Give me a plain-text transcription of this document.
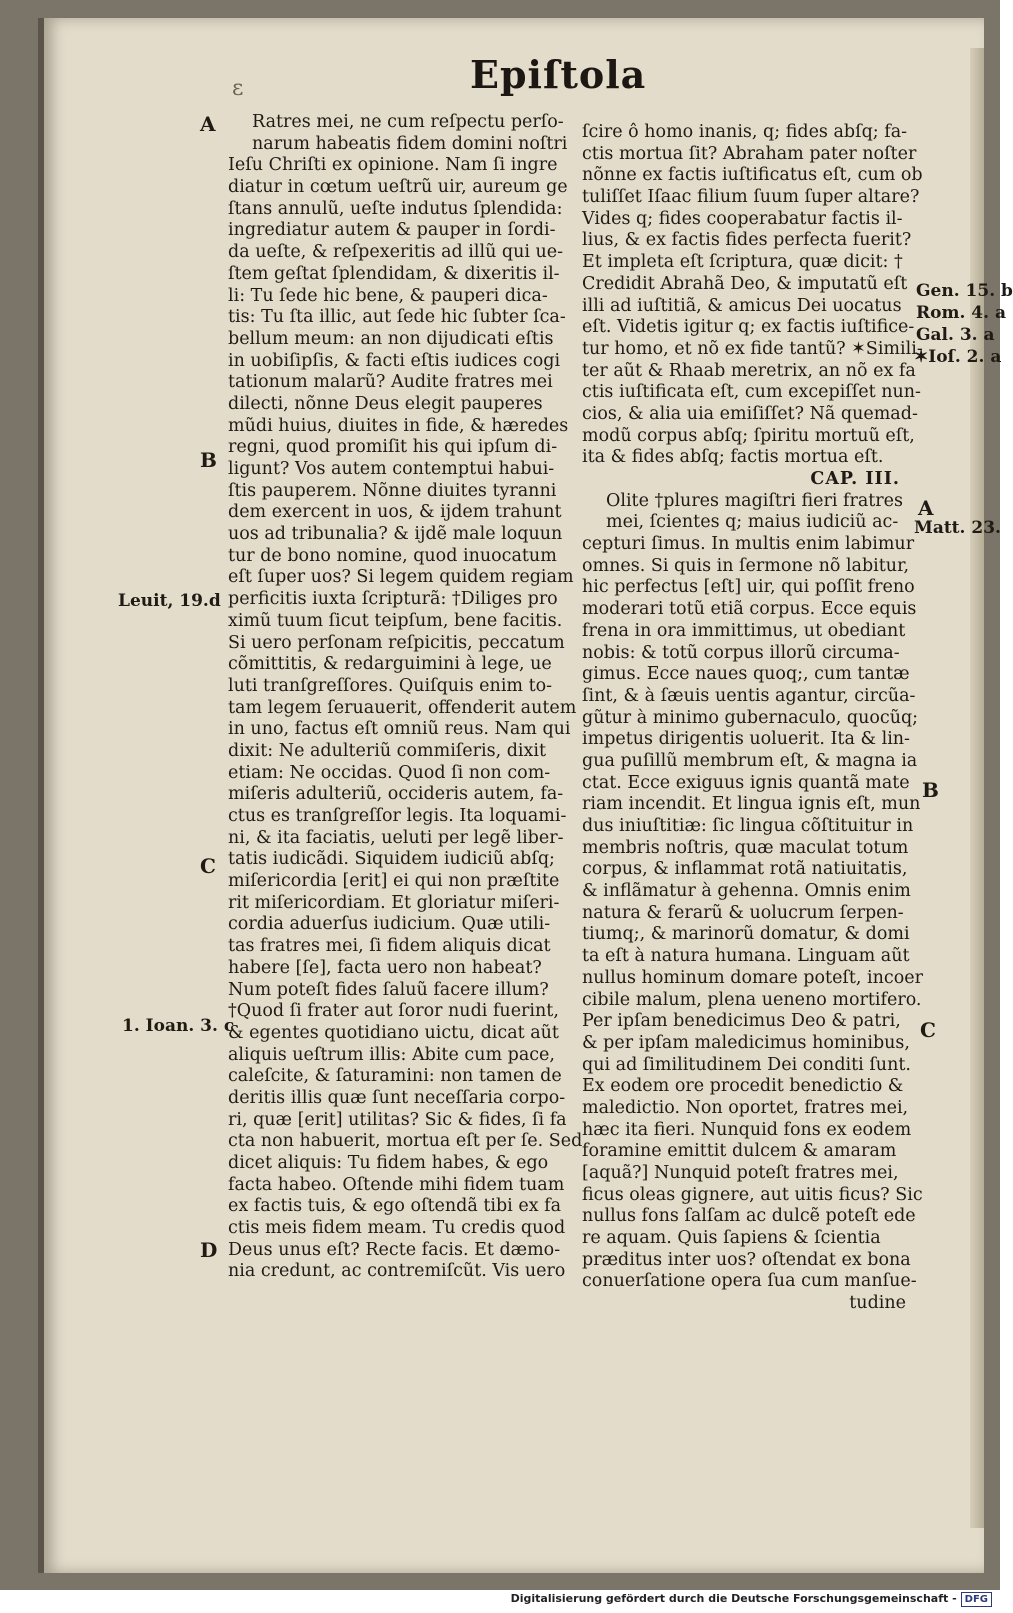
ε	Epiſtola
Ratres mei, ne cum reſpectu perſo-
narum habeatis fidem domini noſtri
Ieſu Chriſti ex opinione. Nam ſi ingre
diatur in cœtum ueſtrũ uir, aureum ge
ſtans annulũ, ueſte indutus ſplendida:
ingrediatur autem & pauper in ſordi-
da ueſte, & reſpexeritis ad illũ qui ue-
ſtem geſtat ſplendidam, & dixeritis il-
li: Tu ſede hic bene, & pauperi dica-
tis: Tu ſta illic, aut ſede hic ſubter ſca-
bellum meum: an non dijudicati eſtis
in uobiſipſis, & facti eſtis iudices cogi
tationum malarũ? Audite fratres mei
dilecti, nõnne Deus elegit pauperes
mũdi huius, diuites in fide, & hæredes
regni, quod promiſit his qui ipſum di-
ligunt? Vos autem contemptui habui-
ſtis pauperem. Nõnne diuites tyranni
dem exercent in uos, & ijdem trahunt
uos ad tribunalia? & ijdẽ male loquun
tur de bono nomine, quod inuocatum
eſt ſuper uos? Si legem quidem regiam
perficitis iuxta ſcripturã: †Diliges pro
ximũ tuum ſicut teipſum, bene facitis.
Si uero perſonam reſpicitis, peccatum
cõmittitis, & redarguimini à lege, ue
luti tranſgreſſores. Quiſquis enim to-
tam legem ſeruauerit, offenderit autem
in uno, factus eſt omniũ reus. Nam qui
dixit: Ne adulteriũ commiſeris, dixit
etiam: Ne occidas. Quod ſi non com-
miſeris adulteriũ, occideris autem, fa-
ctus es tranſgreſſor legis. Ita loquami-
ni, & ita faciatis, ueluti per legẽ liber-
tatis iudicãdi. Siquidem iudiciũ abſq;
miſericordia [erit] ei qui non præſtite
rit miſericordiam. Et gloriatur miſeri-
cordia aduerſus iudicium. Quæ utili-
tas fratres mei, ſi fidem aliquis dicat
habere [ſe], facta uero non habeat?
Num poteſt fides ſaluũ facere illum?
†Quod ſi frater aut ſoror nudi fuerint,
& egentes quotidiano uictu, dicat aũt
aliquis ueſtrum illis: Abite cum pace,
caleſcite, & ſaturamini: non tamen de
deritis illis quæ ſunt neceſſaria corpo-
ri, quæ [erit] utilitas? Sic & fides, ſi fa
cta non habuerit, mortua eſt per ſe. Sed
dicet aliquis: Tu fidem habes, & ego
facta habeo. Oſtende mihi fidem tuam
ex factis tuis, & ego oſtendã tibi ex fa
ctis meis fidem meam. Tu credis quod
Deus unus eſt? Recte facis. Et dæmo-
nia credunt, ac contremiſcũt. Vis uero
ſcire ô homo inanis, q; fides abſq; fa-
ctis mortua ſit? Abraham pater noſter
nõnne ex factis iuſtificatus eſt, cum ob
tuliſſet Iſaac filium ſuum ſuper altare?
Vides q; fides cooperabatur factis il-
lius, & ex factis fides perfecta fuerit?
Et impleta eſt ſcriptura, quæ dicit: †
Credidit Abrahã Deo, & imputatũ eſt
illi ad iuſtitiã, & amicus Dei uocatus
eſt. Videtis igitur q; ex factis iuſtifice-
tur homo, et nõ ex fide tantũ? ✶Simili-
ter aũt & Rhaab meretrix, an nõ ex fa
ctis iuſtificata eſt, cum excepiſſet nun-
cios, & alia uia emiſiſſet? Nã quemad-
modũ corpus abſq; ſpiritu mortuũ eſt,
ita & fides abſq; factis mortua eſt.
CAP. III.
Olite †plures magiſtri fieri fratres
mei, ſcientes q; maius iudiciũ ac-
cepturi ſimus. In multis enim labimur
omnes. Si quis in ſermone nõ labitur,
hic perfectus [eſt] uir, qui poſſit freno
moderari totũ etiã corpus. Ecce equis
frena in ora immittimus, ut obediant
nobis: & totũ corpus illorũ circuma-
gimus. Ecce naues quoq;, cum tantæ
ſint, & à ſæuis uentis agantur, circũa-
gũtur à minimo gubernaculo, quocũq;
impetus dirigentis uoluerit. Ita & lin-
gua puſillũ membrum eſt, & magna ia
ctat. Ecce exiguus ignis quantã mate
riam incendit. Et lingua ignis eſt, mun
dus iniuſtitiæ: ſic lingua cõſtituitur in
membris noſtris, quæ maculat totum
corpus, & inflammat rotã natiuitatis,
& inflãmatur à gehenna. Omnis enim
natura & ferarũ & uolucrum ſerpen-
tiumq;, & marinorũ domatur, & domi
ta eſt à natura humana. Linguam aũt
nullus hominum domare poteſt, incoer
cibile malum, plena ueneno mortifero.
Per ipſam benedicimus Deo & patri,
& per ipſam maledicimus hominibus,
qui ad ſimilitudinem Dei conditi ſunt.
Ex eodem ore procedit benedictio &
maledictio. Non oportet, fratres mei,
hæc ita fieri. Nunquid fons ex eodem
foramine emittit dulcem & amaram
[aquã?] Nunquid poteſt fratres mei,
ficus oleas gignere, aut uitis ficus? Sic
nullus fons ſalſam ac dulcẽ poteſt ede
re aquam. Quis ſapiens & ſcientia
præditus inter uos? oſtendat ex bona
conuerſatione opera ſua cum manſue-
tudine
A
B
C
D
A
B
C
Leuit, 19.d
1. Ioan. 3. c
Gen. 15. b
Rom. 4. a
Gal. 3. a
✶Ioſ. 2. a
Matt. 23.
Digitalisierung gefördert durch die Deutsche Forschungsgemeinschaft - DFG
